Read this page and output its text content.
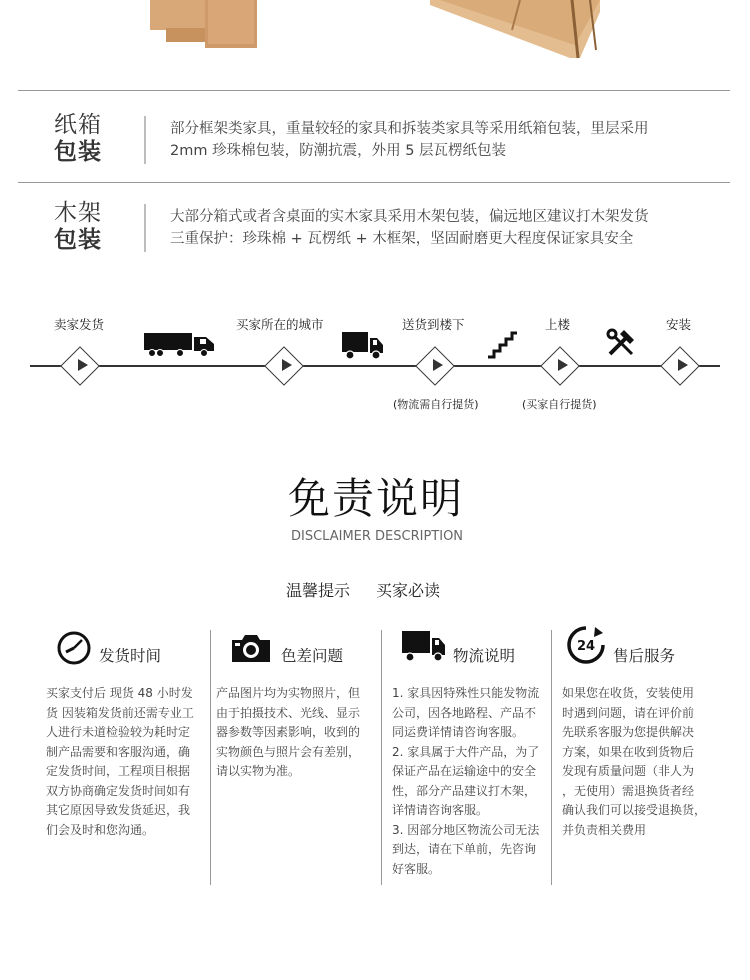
纸箱
包装
部分框架类家具，重量较轻的家具和拆装类家具等采用纸箱包装，里层采用
2mm 珍珠棉包装，防潮抗震，外用 5 层瓦楞纸包装
木架
包装
大部分箱式或者含桌面的实木家具采用木架包装，偏远地区建议打木架发货
三重保护：珍珠棉 + 瓦楞纸 + 木框架，坚固耐磨更大程度保证家具安全
卖家发货	买家所在的城市	送货到楼下	上楼	安装
(物流需自行提货)	(买家自行提货)
免责说明
DISCLAIMER DESCRIPTION
温馨提示 买家必读
发货时间
买家支付后 现货 48 小时发
货 因装箱发货前还需专业工
人进行未道检验较为耗时定
制产品需要和客服沟通，确
定发货时间，工程项目根据
双方协商确定发货时间如有
其它原因导致发货延迟，我
们会及时和您沟通。
色差问题
产品图片均为实物照片，但
由于拍摄技术、光线、显示
器参数等因素影响，收到的
实物颜色与照片会有差别，
请以实物为准。
物流说明
1. 家具因特殊性只能发物流
公司，因各地路程、产品不
同运费详情请咨询客服。
2. 家具属于大件产品，为了
保证产品在运输途中的安全
性，部分产品建议打木架，
详情请咨询客服。
3. 因部分地区物流公司无法
到达，请在下单前，先咨询
好客服。
24
售后服务
如果您在收货，安装使用
时遇到问题，请在评价前
先联系客服为您提供解决
方案，如果在收到货物后
发现有质量问题（非人为
，无使用）需退换货者经
确认我们可以接受退换货，
并负责相关费用
